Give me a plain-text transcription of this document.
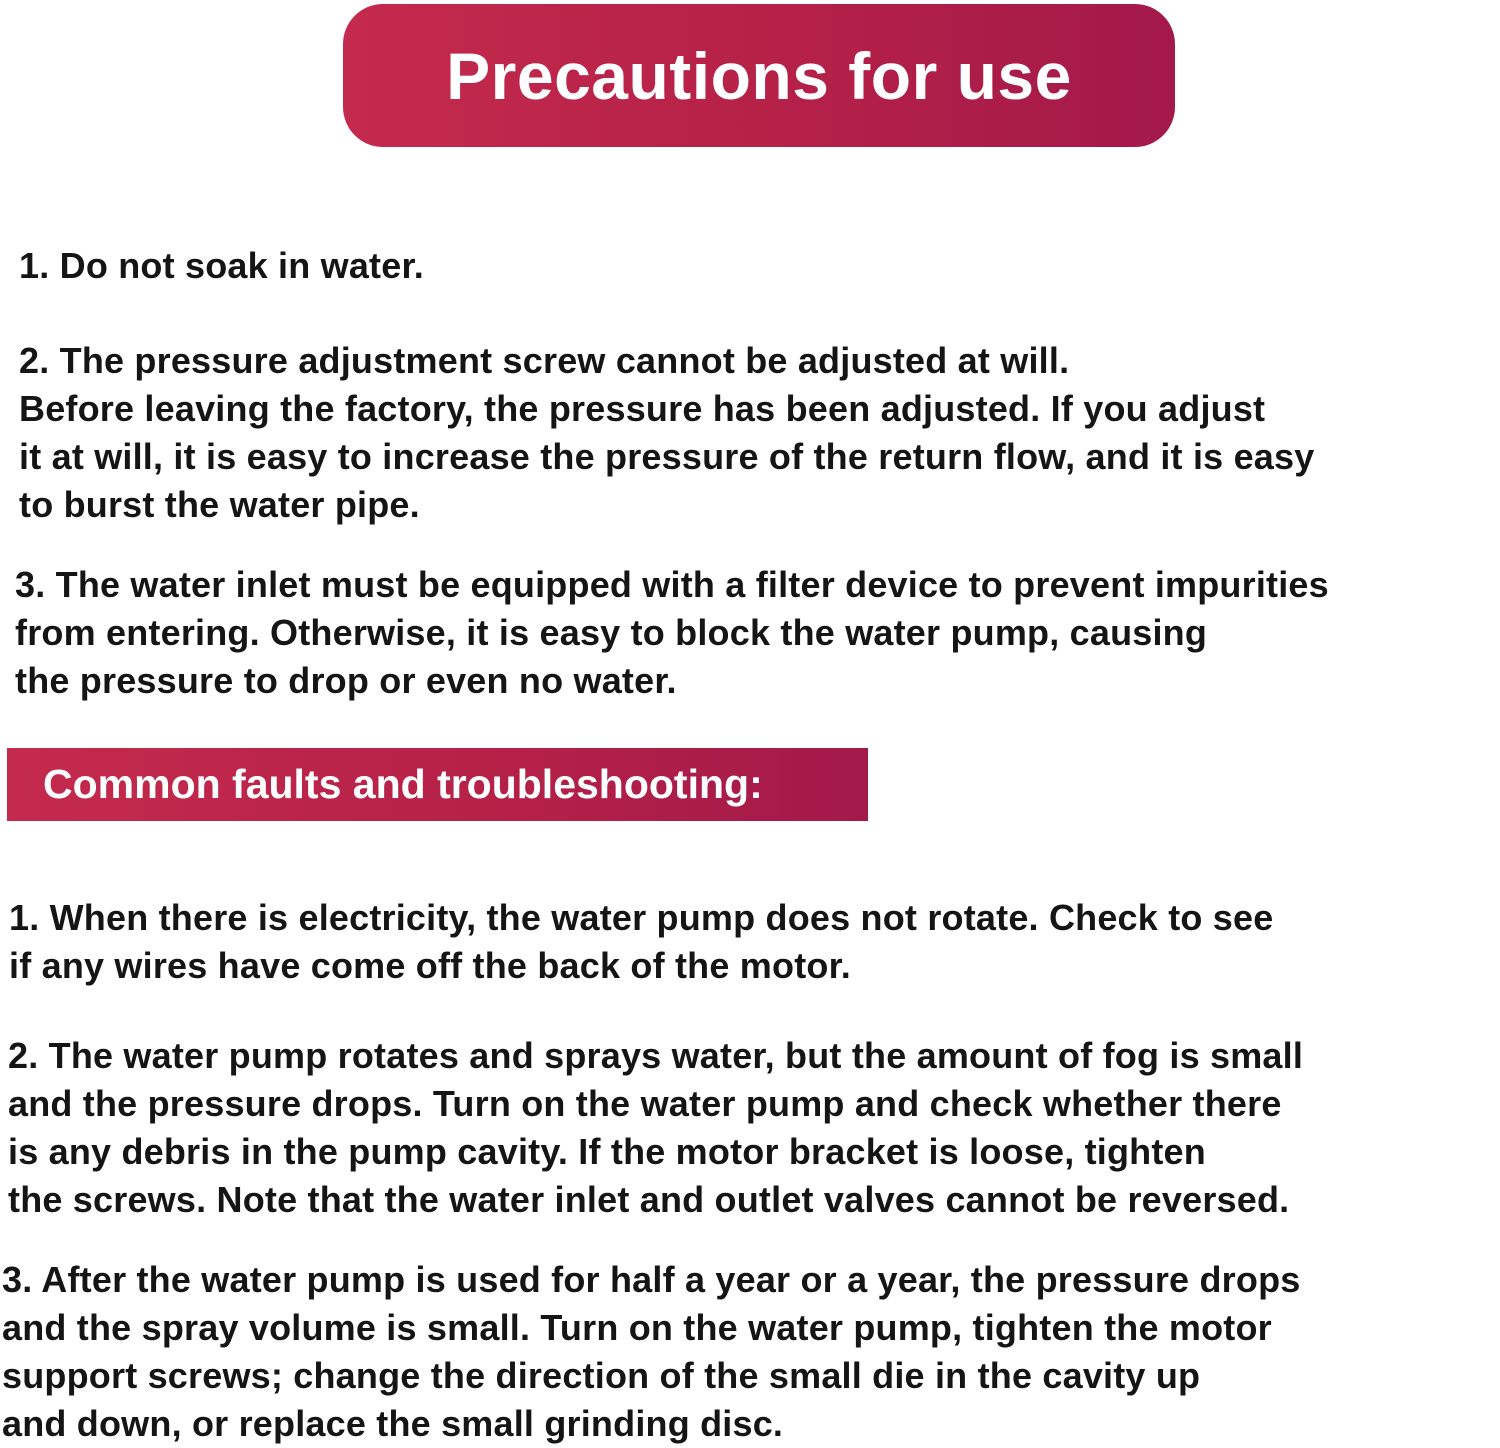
Precautions for use
1. Do not soak in water.
2. The pressure adjustment screw cannot be adjusted at will.
Before leaving the factory, the pressure has been adjusted. If you adjust
it at will, it is easy to increase the pressure of the return flow, and it is easy
to burst the water pipe.
3. The water inlet must be equipped with a filter device to prevent impurities
from entering. Otherwise, it is easy to block the water pump, causing
the pressure to drop or even no water.
Common faults and troubleshooting:
1. When there is electricity, the water pump does not rotate. Check to see
if any wires have come off the back of the motor.
2. The water pump rotates and sprays water, but the amount of fog is small
and the pressure drops. Turn on the water pump and check whether there
is any debris in the pump cavity. If the motor bracket is loose, tighten
the screws. Note that the water inlet and outlet valves cannot be reversed.
3. After the water pump is used for half a year or a year, the pressure drops
and the spray volume is small. Turn on the water pump, tighten the motor
support screws; change the direction of the small die in the cavity up
and down, or replace the small grinding disc.
